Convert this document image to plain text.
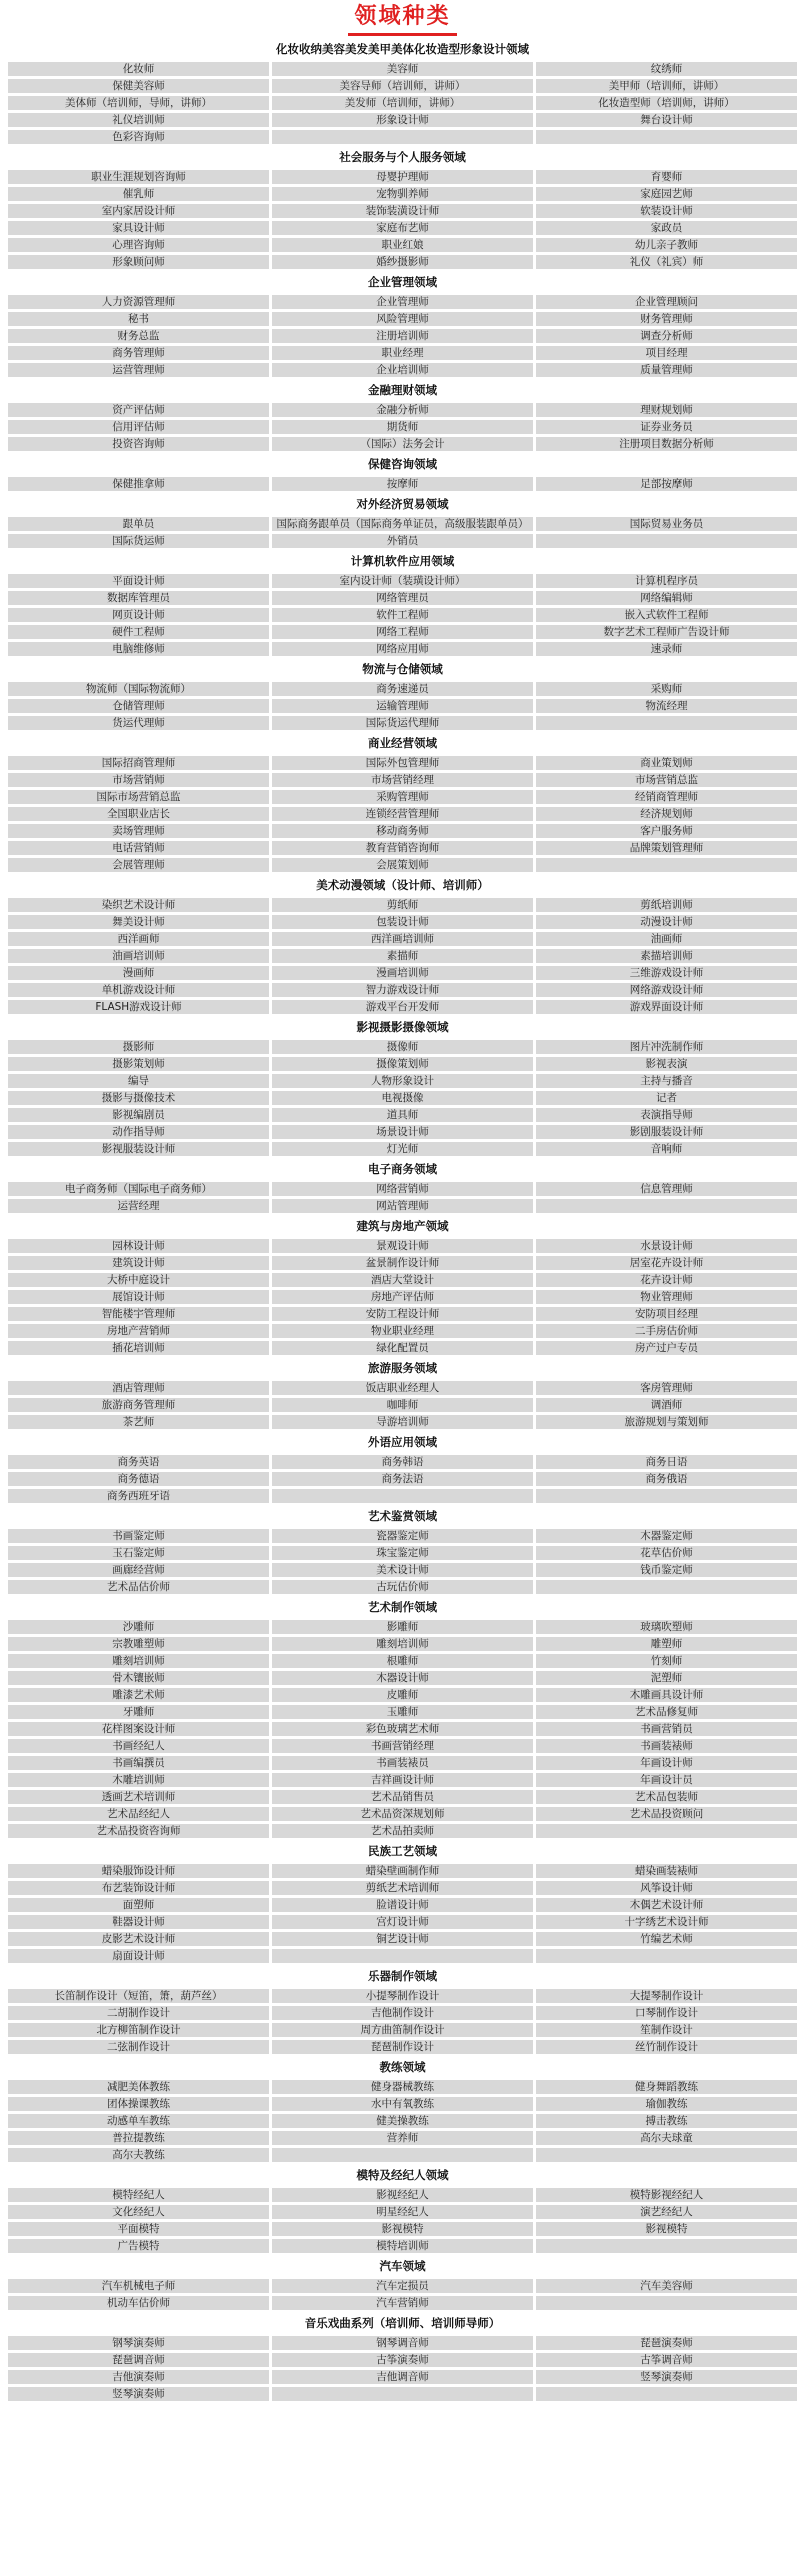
领域种类
化妆收纳美容美发美甲美体化妆造型形象设计领域		
化妆师	美容师	纹绣师
保健美容师	美容导师（培训师，讲师）	美甲师（培训师，讲师）
美体师（培训师，导师，讲师）	美发师（培训师，讲师）	化妆造型师（培训师，讲师）
礼仪培训师	形象设计师	舞台设计师
色彩咨询师		
社会服务与个人服务领域		
职业生涯规划咨询师	母婴护理师	育婴师
催乳师	宠物驯养师	家庭园艺师
室内家居设计师	装饰装潢设计师	软装设计师
家具设计师	家庭布艺师	家政员
心理咨询师	职业红娘	幼儿亲子教师
形象顾问师	婚纱摄影师	礼仪（礼宾）师
企业管理领域		
人力资源管理师	企业管理师	企业管理顾问
秘书	风险管理师	财务管理师
财务总监	注册培训师	调查分析师
商务管理师	职业经理	项目经理
运营管理师	企业培训师	质量管理师
金融理财领域		
资产评估师	金融分析师	理财规划师
信用评估师	期货师	证券业务员
投资咨询师	（国际）法务会计	注册项目数据分析师
保健咨询领域		
保健推拿师	按摩师	足部按摩师
对外经济贸易领域		
跟单员	国际商务跟单员（国际商务单证员，高级服装跟单员）	国际贸易业务员
国际货运师	外销员	
计算机软件应用领域		
平面设计师	室内设计师（装璜设计师）	计算机程序员
数据库管理员	网络管理员	网络编辑师
网页设计师	软件工程师	嵌入式软件工程师
硬件工程师	网络工程师	数字艺术工程师广告设计师
电脑维修师	网络应用师	速录师
物流与仓储领域		
物流师（国际物流师）	商务速递员	采购师
仓储管理师	运输管理师	物流经理
货运代理师	国际货运代理师	
商业经营领域		
国际招商管理师	国际外包管理师	商业策划师
市场营销师	市场营销经理	市场营销总监
国际市场营销总监	采购管理师	经销商管理师
全国职业店长	连锁经营管理师	经济规划师
卖场管理师	移动商务师	客户服务师
电话营销师	教育营销咨询师	品牌策划管理师
会展管理师	会展策划师	
美术动漫领域（设计师、培训师）		
染织艺术设计师	剪纸师	剪纸培训师
舞美设计师	包装设计师	动漫设计师
西洋画师	西洋画培训师	油画师
油画培训师	素描师	素描培训师
漫画师	漫画培训师	三维游戏设计师
单机游戏设计师	智力游戏设计师	网络游戏设计师
FLASH游戏设计师	游戏平台开发师	游戏界面设计师
影视摄影摄像领域		
摄影师	摄像师	图片冲洗制作师
摄影策划师	摄像策划师	影视表演
编导	人物形象设计	主持与播音
摄影与摄像技术	电视摄像	记者
影视编剧员	道具师	表演指导师
动作指导师	场景设计师	影剧服装设计师
影视服装设计师	灯光师	音响师
电子商务领域		
电子商务师（国际电子商务师）	网络营销师	信息管理师
运营经理	网站管理师	
建筑与房地产领域		
园林设计师	景观设计师	水景设计师
建筑设计师	盆景制作设计师	居室花卉设计师
大桥中庭设计	酒店大堂设计	花卉设计师
展馆设计师	房地产评估师	物业管理师
智能楼宇管理师	安防工程设计师	安防项目经理
房地产营销师	物业职业经理	二手房估价师
插花培训师	绿化配置员	房产过户专员
旅游服务领域		
酒店管理师	饭店职业经理人	客房管理师
旅游商务管理师	咖啡师	调酒师
茶艺师	导游培训师	旅游规划与策划师
外语应用领域		
商务英语	商务韩语	商务日语
商务德语	商务法语	商务俄语
商务西班牙语		
艺术鉴赏领域		
书画鉴定师	瓷器鉴定师	木器鉴定师
玉石鉴定师	珠宝鉴定师	花草估价师
画廊经营师	美术设计师	钱币鉴定师
艺术品估价师	古玩估价师	
艺术制作领域		
沙雕师	影雕师	玻璃吹塑师
宗教雕塑师	雕刻培训师	雕塑师
雕刻培训师	根雕师	竹刻师
骨木镶嵌师	木器设计师	泥塑师
雕漆艺术师	皮雕师	木雕画具设计师
牙雕师	玉雕师	艺术品修复师
花样图案设计师	彩色玻璃艺术师	书画营销员
书画经纪人	书画营销经理	书画装裱师
书画编撰员	书画装裱员	年画设计师
木雕培训师	吉祥画设计师	年画设计员
透画艺术培训师	艺术品销售员	艺术品包装师
艺术品经纪人	艺术品资深规划师	艺术品投资顾问
艺术品投资咨询师	艺术品拍卖师	
民族工艺领域		
蜡染服饰设计师	蜡染壁画制作师	蜡染画装裱师
布艺装饰设计师	剪纸艺术培训师	风筝设计师
面塑师	脸谱设计师	木偶艺术设计师
鞋器设计师	宫灯设计师	十字绣艺术设计师
皮影艺术设计师	铜艺设计师	竹编艺术师
扇面设计师		
乐器制作领域		
长笛制作设计（短笛，箫，葫芦丝）	小提琴制作设计	大提琴制作设计
二胡制作设计	吉他制作设计	口琴制作设计
北方柳笛制作设计	周方曲笛制作设计	笙制作设计
二弦制作设计	琵琶制作设计	丝竹制作设计
教练领域		
减肥美体教练	健身器械教练	健身舞蹈教练
团体操课教练	水中有氧教练	瑜伽教练
动感单车教练	健美操教练	搏击教练
普拉提教练	营养师	高尔夫球童
高尔夫教练		
模特及经纪人领域		
模特经纪人	影视经纪人	模特影视经纪人
文化经纪人	明星经纪人	演艺经纪人
平面模特	影视模特	影视模特
广告模特	模特培训师	
汽车领域		
汽车机械电子师	汽车定损员	汽车美容师
机动车估价师	汽车营销师	
音乐戏曲系列（培训师、培训师导师）		
钢琴演奏师	钢琴调音师	琵琶演奏师
琵琶调音师	古筝演奏师	古筝调音师
吉他演奏师	吉他调音师	竖琴演奏师
竖琴演奏师		
